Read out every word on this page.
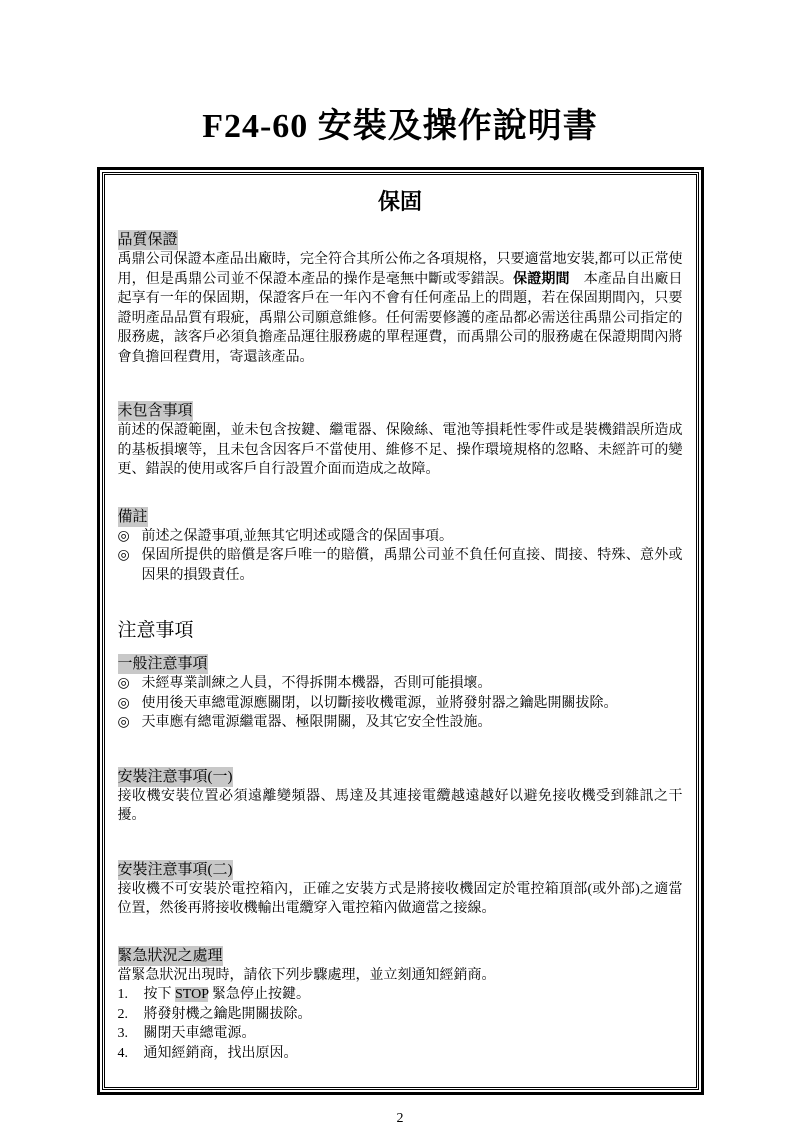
F24-60 安裝及操作說明書
保固
品質保證

禹鼎公司保證本產品出廠時，完全符合其所公佈之各項規格，只要適當地安裝,都可以正常使用，但是禹鼎公司並不保證本產品的操作是毫無中斷或零錯誤。保證期間　本產品自出廠日起享有一年的保固期，保證客戶在一年內不會有任何產品上的問題，若在保固期間內，只要證明產品品質有瑕疵，禹鼎公司願意維修。任何需要修護的產品都必需送往禹鼎公司指定的服務處，該客戶必須負擔產品運往服務處的單程運費，而禹鼎公司的服務處在保證期間內將會負擔回程費用，寄還該產品。

未包含事項

前述的保證範圍，並未包含按鍵、繼電器、保險絲、電池等損耗性零件或是裝機錯誤所造成的基板損壞等，且未包含因客戶不當使用、維修不足、操作環境規格的忽略、未經許可的變更、錯誤的使用或客戶自行設置介面而造成之故障。

備註
◎ 前述之保證事項,並無其它明述或隱含的保固事項。
◎ 保固所提供的賠償是客戶唯一的賠償，禹鼎公司並不負任何直接、間接、特殊、意外或因果的損毀責任。
注意事項
一般注意事項
◎ 未經專業訓練之人員，不得拆開本機器，否則可能損壞。
◎ 使用後天車總電源應關閉，以切斷接收機電源，並將發射器之鑰匙開關拔除。
◎ 天車應有總電源繼電器、極限開關，及其它安全性設施。
安裝注意事項(一)

接收機安裝位置必須遠離變頻器、馬達及其連接電纜越遠越好以避免接收機受到雜訊之干擾。

安裝注意事項(二)

接收機不可安裝於電控箱內，正確之安裝方式是將接收機固定於電控箱頂部(或外部)之適當位置，然後再將接收機輸出電纜穿入電控箱內做適當之接線。

緊急狀況之處理

當緊急狀況出現時，請依下列步驟處理，並立刻通知經銷商。

1.	按下 STOP 緊急停止按鍵。
2.	將發射機之鑰匙開關拔除。
3.	關閉天車總電源。
4.	通知經銷商，找出原因。
2
